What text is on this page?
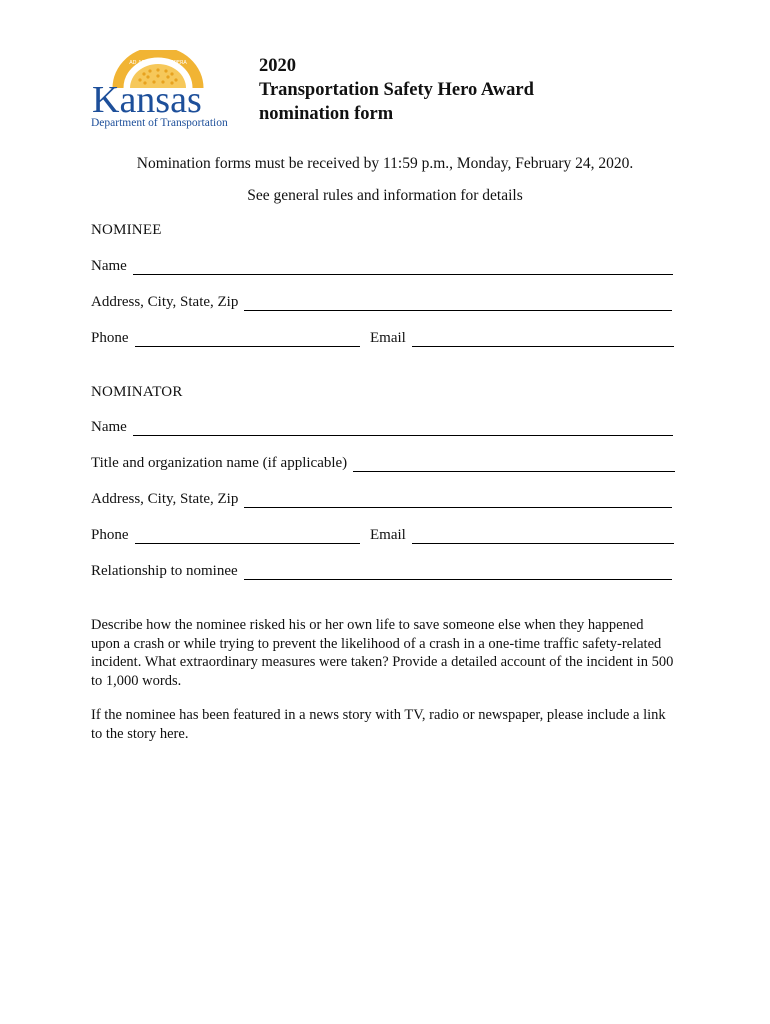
AD ASTRA PER ASPERA
Kansas
Department of Transportation
2020
Transportation Safety Hero Award
nomination form
Nomination forms must be received by 11:59 p.m., Monday, February 24, 2020.
See general rules and information for details
NOMINEE
Name
Address, City, State, Zip
Phone	Email
NOMINATOR
Name
Title and organization name (if applicable)
Address, City, State, Zip
Phone	Email
Relationship to nominee
Describe how the nominee risked his or her own life to save someone else when they happened upon a crash or while trying to prevent the likelihood of a crash in a one-time traffic safety-related incident. What extraordinary measures were taken? Provide a detailed account of the incident in 500 to 1,000 words.
If the nominee has been featured in a news story with TV, radio or newspaper, please include a link to the story here.
